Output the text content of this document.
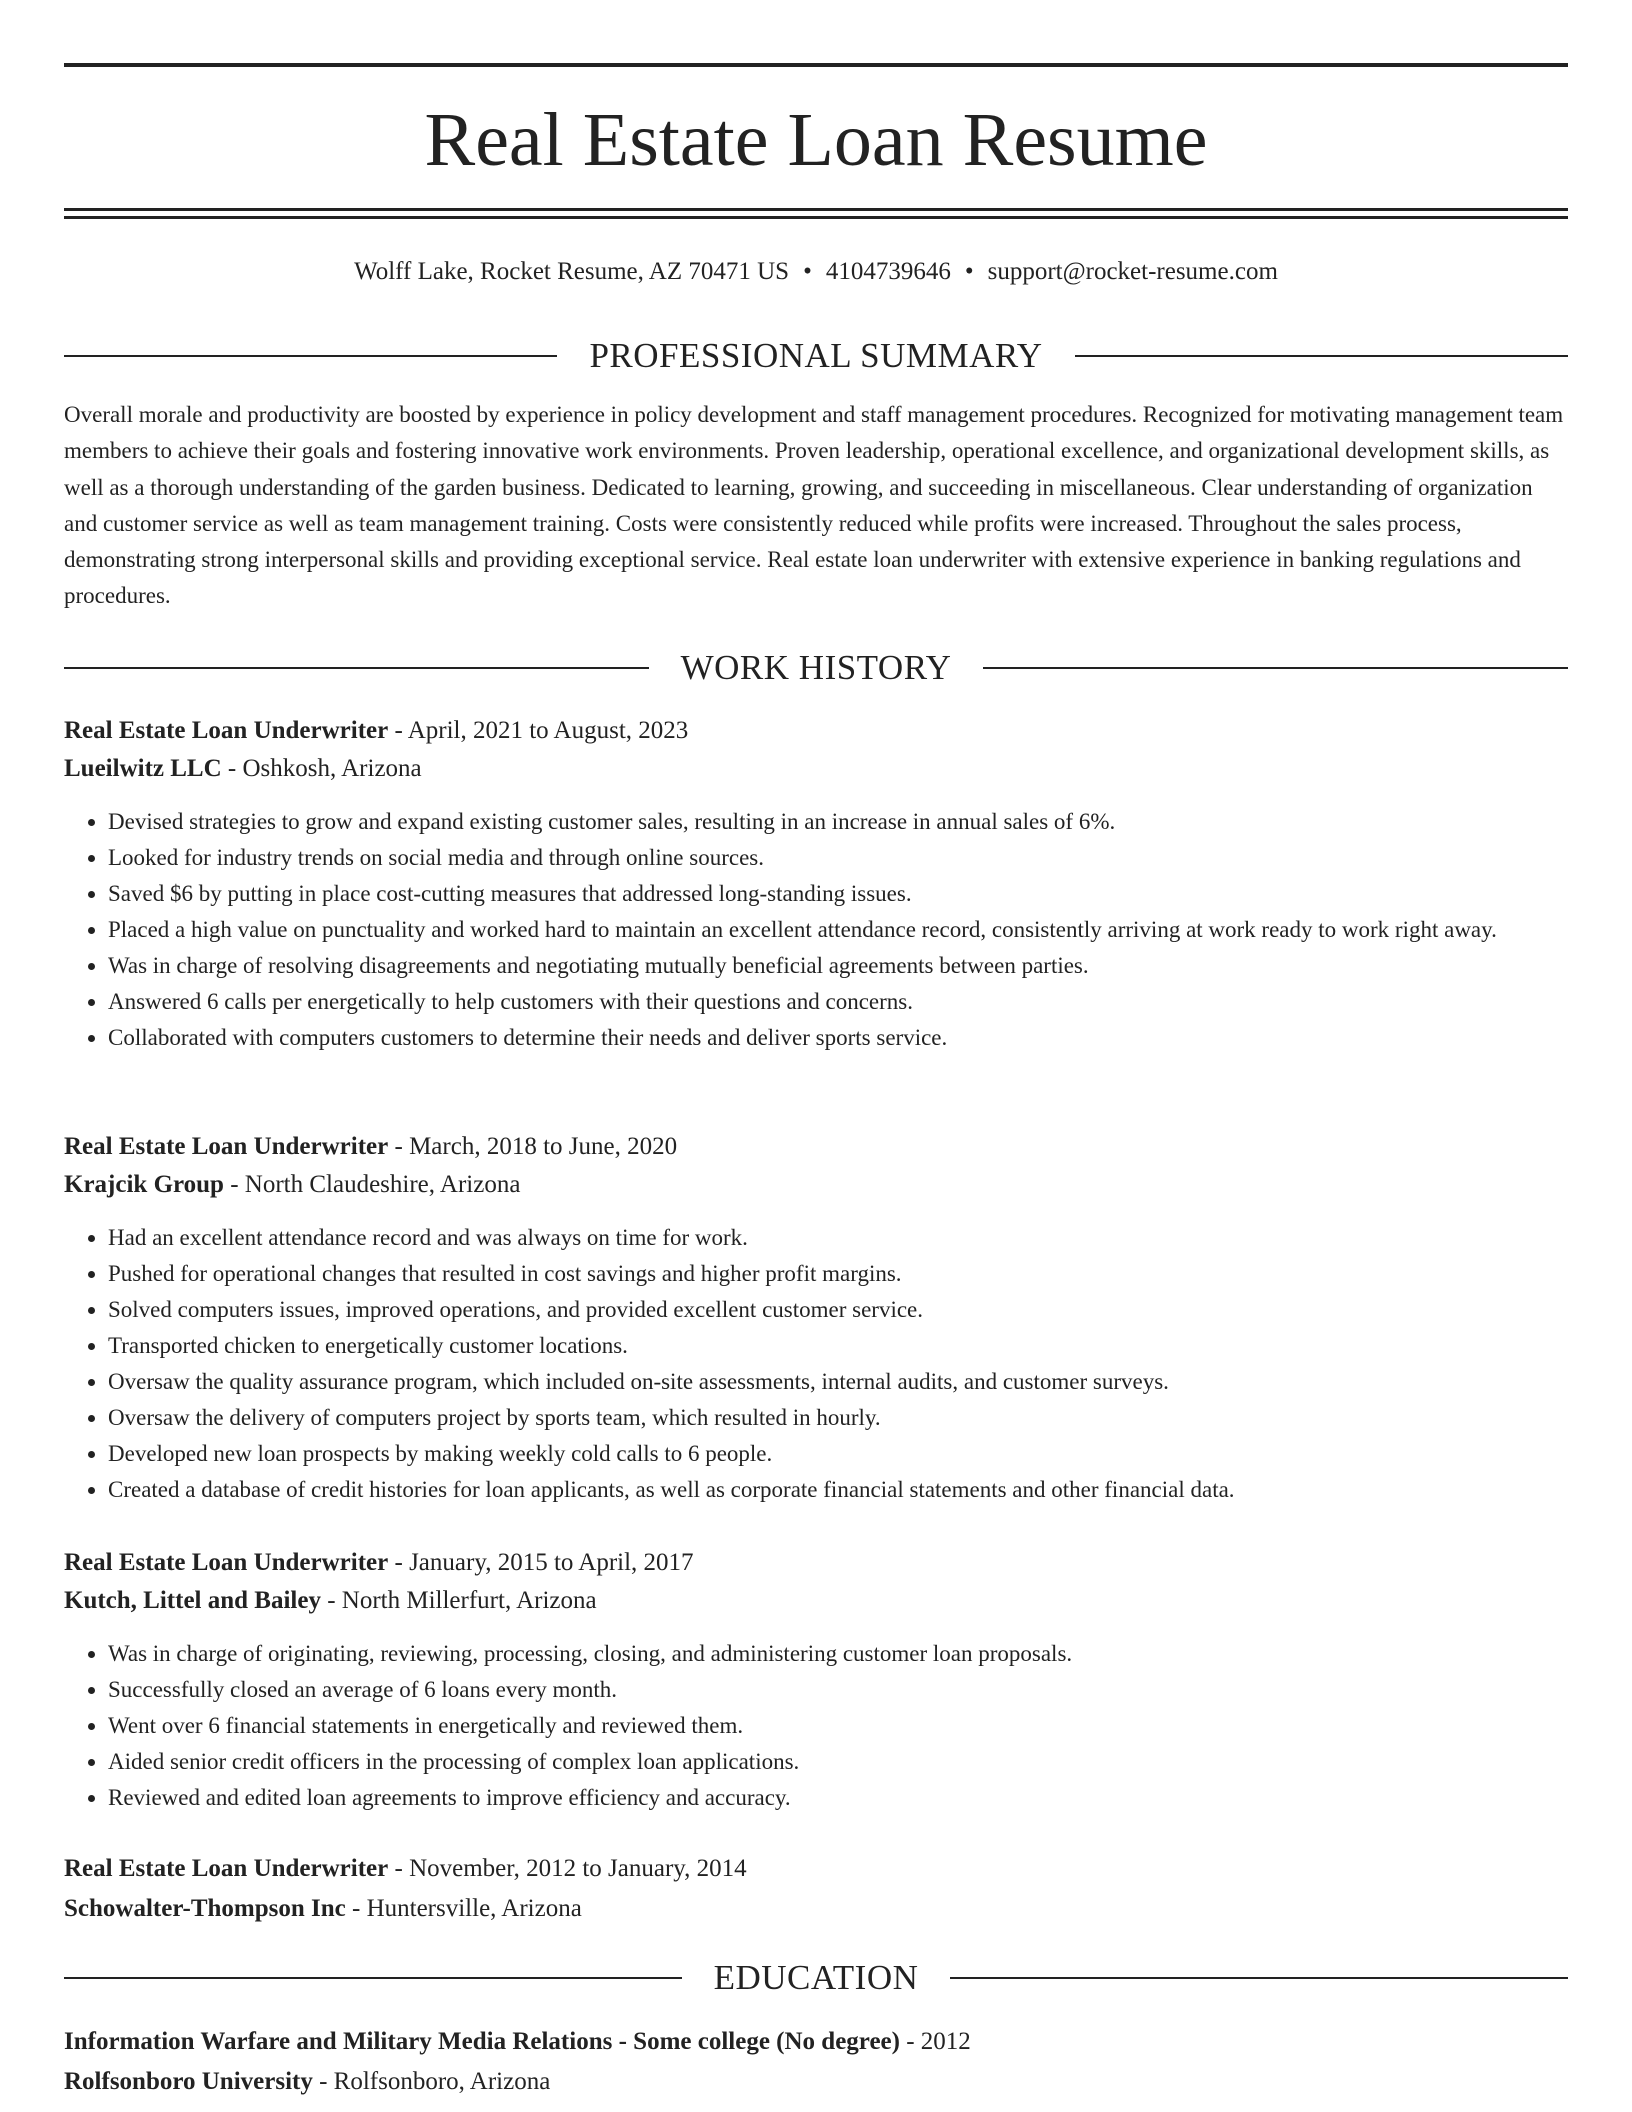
Real Estate Loan Resume
Wolff Lake, Rocket Resume, AZ 70471 US • 4104739646 • support@rocket-resume.com
PROFESSIONAL SUMMARY

Overall morale and productivity are boosted by experience in policy development and staff management procedures. Recognized for motivating management team members to achieve their goals and fostering innovative work environments. Proven leadership, operational excellence, and organizational development skills, as well as a thorough understanding of the garden business. Dedicated to learning, growing, and succeeding in miscellaneous. Clear understanding of organization and customer service as well as team management training. Costs were consistently reduced while profits were increased. Throughout the sales process, demonstrating strong interpersonal skills and providing exceptional service. Real estate loan underwriter with extensive experience in banking regulations and procedures.

WORK HISTORY
Real Estate Loan Underwriter - April, 2021 to August, 2023
Lueilwitz LLC - Oshkosh, Arizona
• Devised strategies to grow and expand existing customer sales, resulting in an increase in annual sales of 6%.
• Looked for industry trends on social media and through online sources.
• Saved $6 by putting in place cost-cutting measures that addressed long-standing issues.
• Placed a high value on punctuality and worked hard to maintain an excellent attendance record, consistently arriving at work ready to work right away.
• Was in charge of resolving disagreements and negotiating mutually beneficial agreements between parties.
• Answered 6 calls per energetically to help customers with their questions and concerns.
• Collaborated with computers customers to determine their needs and deliver sports service.
Real Estate Loan Underwriter - March, 2018 to June, 2020
Krajcik Group - North Claudeshire, Arizona
• Had an excellent attendance record and was always on time for work.
• Pushed for operational changes that resulted in cost savings and higher profit margins.
• Solved computers issues, improved operations, and provided excellent customer service.
• Transported chicken to energetically customer locations.
• Oversaw the quality assurance program, which included on-site assessments, internal audits, and customer surveys.
• Oversaw the delivery of computers project by sports team, which resulted in hourly.
• Developed new loan prospects by making weekly cold calls to 6 people.
• Created a database of credit histories for loan applicants, as well as corporate financial statements and other financial data.
Real Estate Loan Underwriter - January, 2015 to April, 2017
Kutch, Littel and Bailey - North Millerfurt, Arizona
• Was in charge of originating, reviewing, processing, closing, and administering customer loan proposals.
• Successfully closed an average of 6 loans every month.
• Went over 6 financial statements in energetically and reviewed them.
• Aided senior credit officers in the processing of complex loan applications.
• Reviewed and edited loan agreements to improve efficiency and accuracy.
Real Estate Loan Underwriter - November, 2012 to January, 2014
Schowalter-Thompson Inc - Huntersville, Arizona
EDUCATION
Information Warfare and Military Media Relations - Some college (No degree) - 2012
Rolfsonboro University - Rolfsonboro, Arizona
